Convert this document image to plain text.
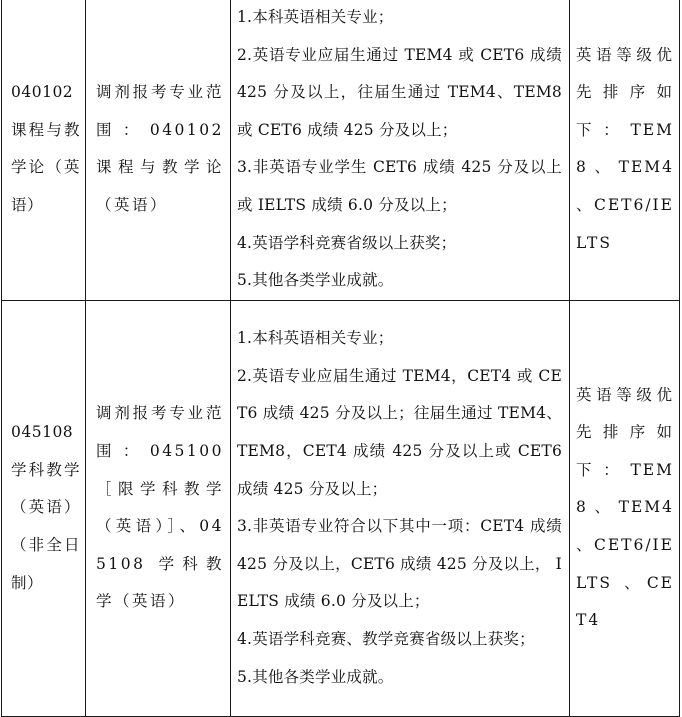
040102 课程与教学论（英语）	调剂报考专业范围：040102 课程与教学论（英语）	1.本科英语相关专业；
2.英语专业应届生通过 TEM4 或 CET6 成绩 425 分及以上，往届生通过 TEM4、TEM8 或 CET6 成绩 425 分及以上；
3.非英语专业学生 CET6 成绩 425 分及以上或 IELTS 成绩 6.0 分及以上；
4.英语学科竞赛省级以上获奖；
5.其他各类学业成就。	英语等级优先排序如下：TEM8、TEM4 、CET6/IELTS
045108 学科教学（英语）（非全日制）	调剂报考专业范围：045100［限学科教学（英语）］、045108 学科教学（英语）	1.本科英语相关专业；
2.英语专业应届生通过 TEM4，CET4 或 CET6 成绩 425 分及以上；往届生通过 TEM4、TEM8，CET4 成绩 425 分及以上或 CET6 成绩 425 分及以上；
3.非英语专业符合以下其中一项：CET4 成绩 425 分及以上，CET6 成绩 425 分及以上， IELTS 成绩 6.0 分及以上；
4.英语学科竞赛、教学竞赛省级以上获奖；
5.其他各类学业成就。	英语等级优先排序如下：TEM8、TEM4 、CET6/IELTS 、CET4
